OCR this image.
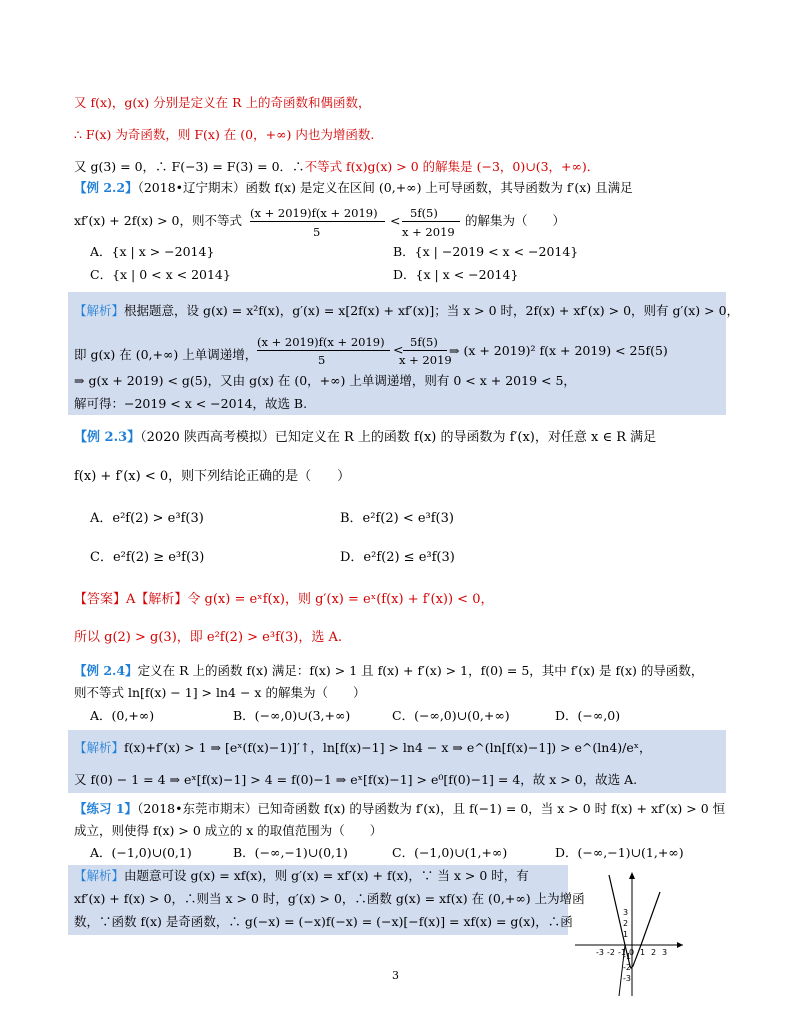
又 f(x)，g(x) 分别是定义在 R 上的奇函数和偶函数，
∴ F(x) 为奇函数，则 F(x) 在 (0，+∞) 内也为增函数.
又 g(3) = 0，∴ F(−3) = F(3) = 0．∴不等式 f(x)g(x) > 0 的解集是 (−3，0)∪(3，+∞)．
【例 2.2】（2018•辽宁期末）函数 f(x) 是定义在区间 (0,+∞) 上可导函数，其导函数为 f′(x) 且满足
xf′(x) + 2f(x) > 0，则不等式 (x + 2019)f(x + 2019)
5
< 5f(5)
x + 2019
的解集为（　　）
A．{x | x > −2014}	B．{x | −2019 < x < −2014}
C．{x | 0 < x < 2014}	D．{x | x < −2014}
【解析】根据题意，设 g(x) = x²f(x)，g′(x) = x[2f(x) + xf′(x)]；当 x > 0 时，2f(x) + xf′(x) > 0，则有 g′(x) > 0，
即 g(x) 在 (0,+∞) 上单调递增，
(x + 2019)f(x + 2019)
5
< 5f(5)
x + 2019
⇒ (x + 2019)² f(x + 2019) < 25f(5)
⇒ g(x + 2019) < g(5)，又由 g(x) 在 (0，+∞) 上单调递增，则有 0 < x + 2019 < 5，
解可得：−2019 < x < −2014，故选 B.
【例 2.3】（2020 陕西高考模拟）已知定义在 R 上的函数 f(x) 的导函数为 f′(x)，对任意 x ∈ R 满足
f(x) + f′(x) < 0，则下列结论正确的是（　　）
A．e²f(2) > e³f(3)	B．e²f(2) < e³f(3)
C．e²f(2) ≥ e³f(3)	D．e²f(2) ≤ e³f(3)
【答案】A【解析】令 g(x) = eˣf(x)，则 g′(x) = eˣ(f(x) + f′(x)) < 0，
所以 g(2) > g(3)，即 e²f(2) > e³f(3)，选 A.
【例 2.4】定义在 R 上的函数 f(x) 满足：f(x) > 1 且 f(x) + f′(x) > 1，f(0) = 5，其中 f′(x) 是 f(x) 的导函数，
则不等式 ln[f(x) − 1] > ln4 − x 的解集为（　　）
A．(0,+∞)	B．(−∞,0)∪(3,+∞)	C．(−∞,0)∪(0,+∞)	D．(−∞,0)
【解析】f(x)+f′(x) > 1 ⇒ [eˣ(f(x)−1)]′↑，ln[f(x)−1] > ln4 − x ⇒ e^(ln[f(x)−1]) > e^(ln4)/eˣ，
又 f(0) − 1 = 4 ⇒ eˣ[f(x)−1] > 4 = f(0)−1 ⇒ eˣ[f(x)−1] > e⁰[f(0)−1] = 4，故 x > 0，故选 A.
【练习 1】（2018•东莞市期末）已知奇函数 f(x) 的导函数为 f′(x)，且 f(−1) = 0，当 x > 0 时 f(x) + xf′(x) > 0 恒
成立，则使得 f(x) > 0 成立的 x 的取值范围为（　　）
A．(−1,0)∪(0,1)	B．(−∞,−1)∪(0,1)	C．(−1,0)∪(1,+∞)	D．(−∞,−1)∪(1,+∞)
【解析】由题意可设 g(x) = xf(x)，则 g′(x) = xf′(x) + f(x)，∵ 当 x > 0 时，有
xf′(x) + f(x) > 0，∴则当 x > 0 时，g′(x) > 0，∴函数 g(x) = xf(x) 在 (0,+∞) 上为增函
数，∵函数 f(x) 是奇函数，∴ g(−x) = (−x)f(−x) = (−x)[−f(x)] = xf(x) = g(x)，∴函
-3 -2 -1 0 1 2 3
3
2
1
-1
-2
-3
3
